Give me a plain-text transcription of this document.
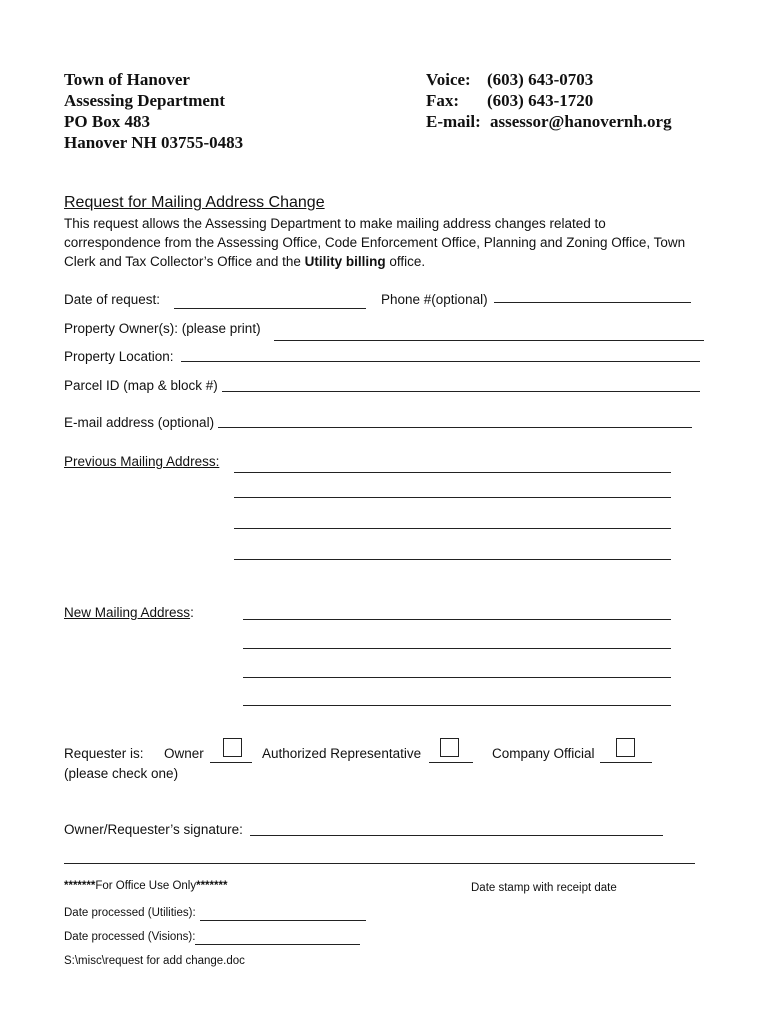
Town of Hanover
Assessing Department
PO Box 483
Hanover NH 03755-0483
Voice: (603) 643-0703
Fax: (603) 643-1720
E-mail: assessor@hanovernh.org
Request for Mailing Address Change
This request allows the Assessing Department to make mailing address changes related to
correspondence from the Assessing Office, Code Enforcement Office, Planning and Zoning Office, Town
Clerk and Tax Collector’s Office and the Utility billing office.
Date of request:	Phone #(optional)
Property Owner(s): (please print)
Property Location:
Parcel ID (map & block #)
E-mail address (optional)
Previous Mailing Address:
New Mailing Address:
Requester is:
(please check one)
Owner	Authorized Representative	Company Official
Owner/Requester’s signature:
*******For Office Use Only*******	Date stamp with receipt date
Date processed (Utilities):
Date processed (Visions):
S:\misc\request for add change.doc
